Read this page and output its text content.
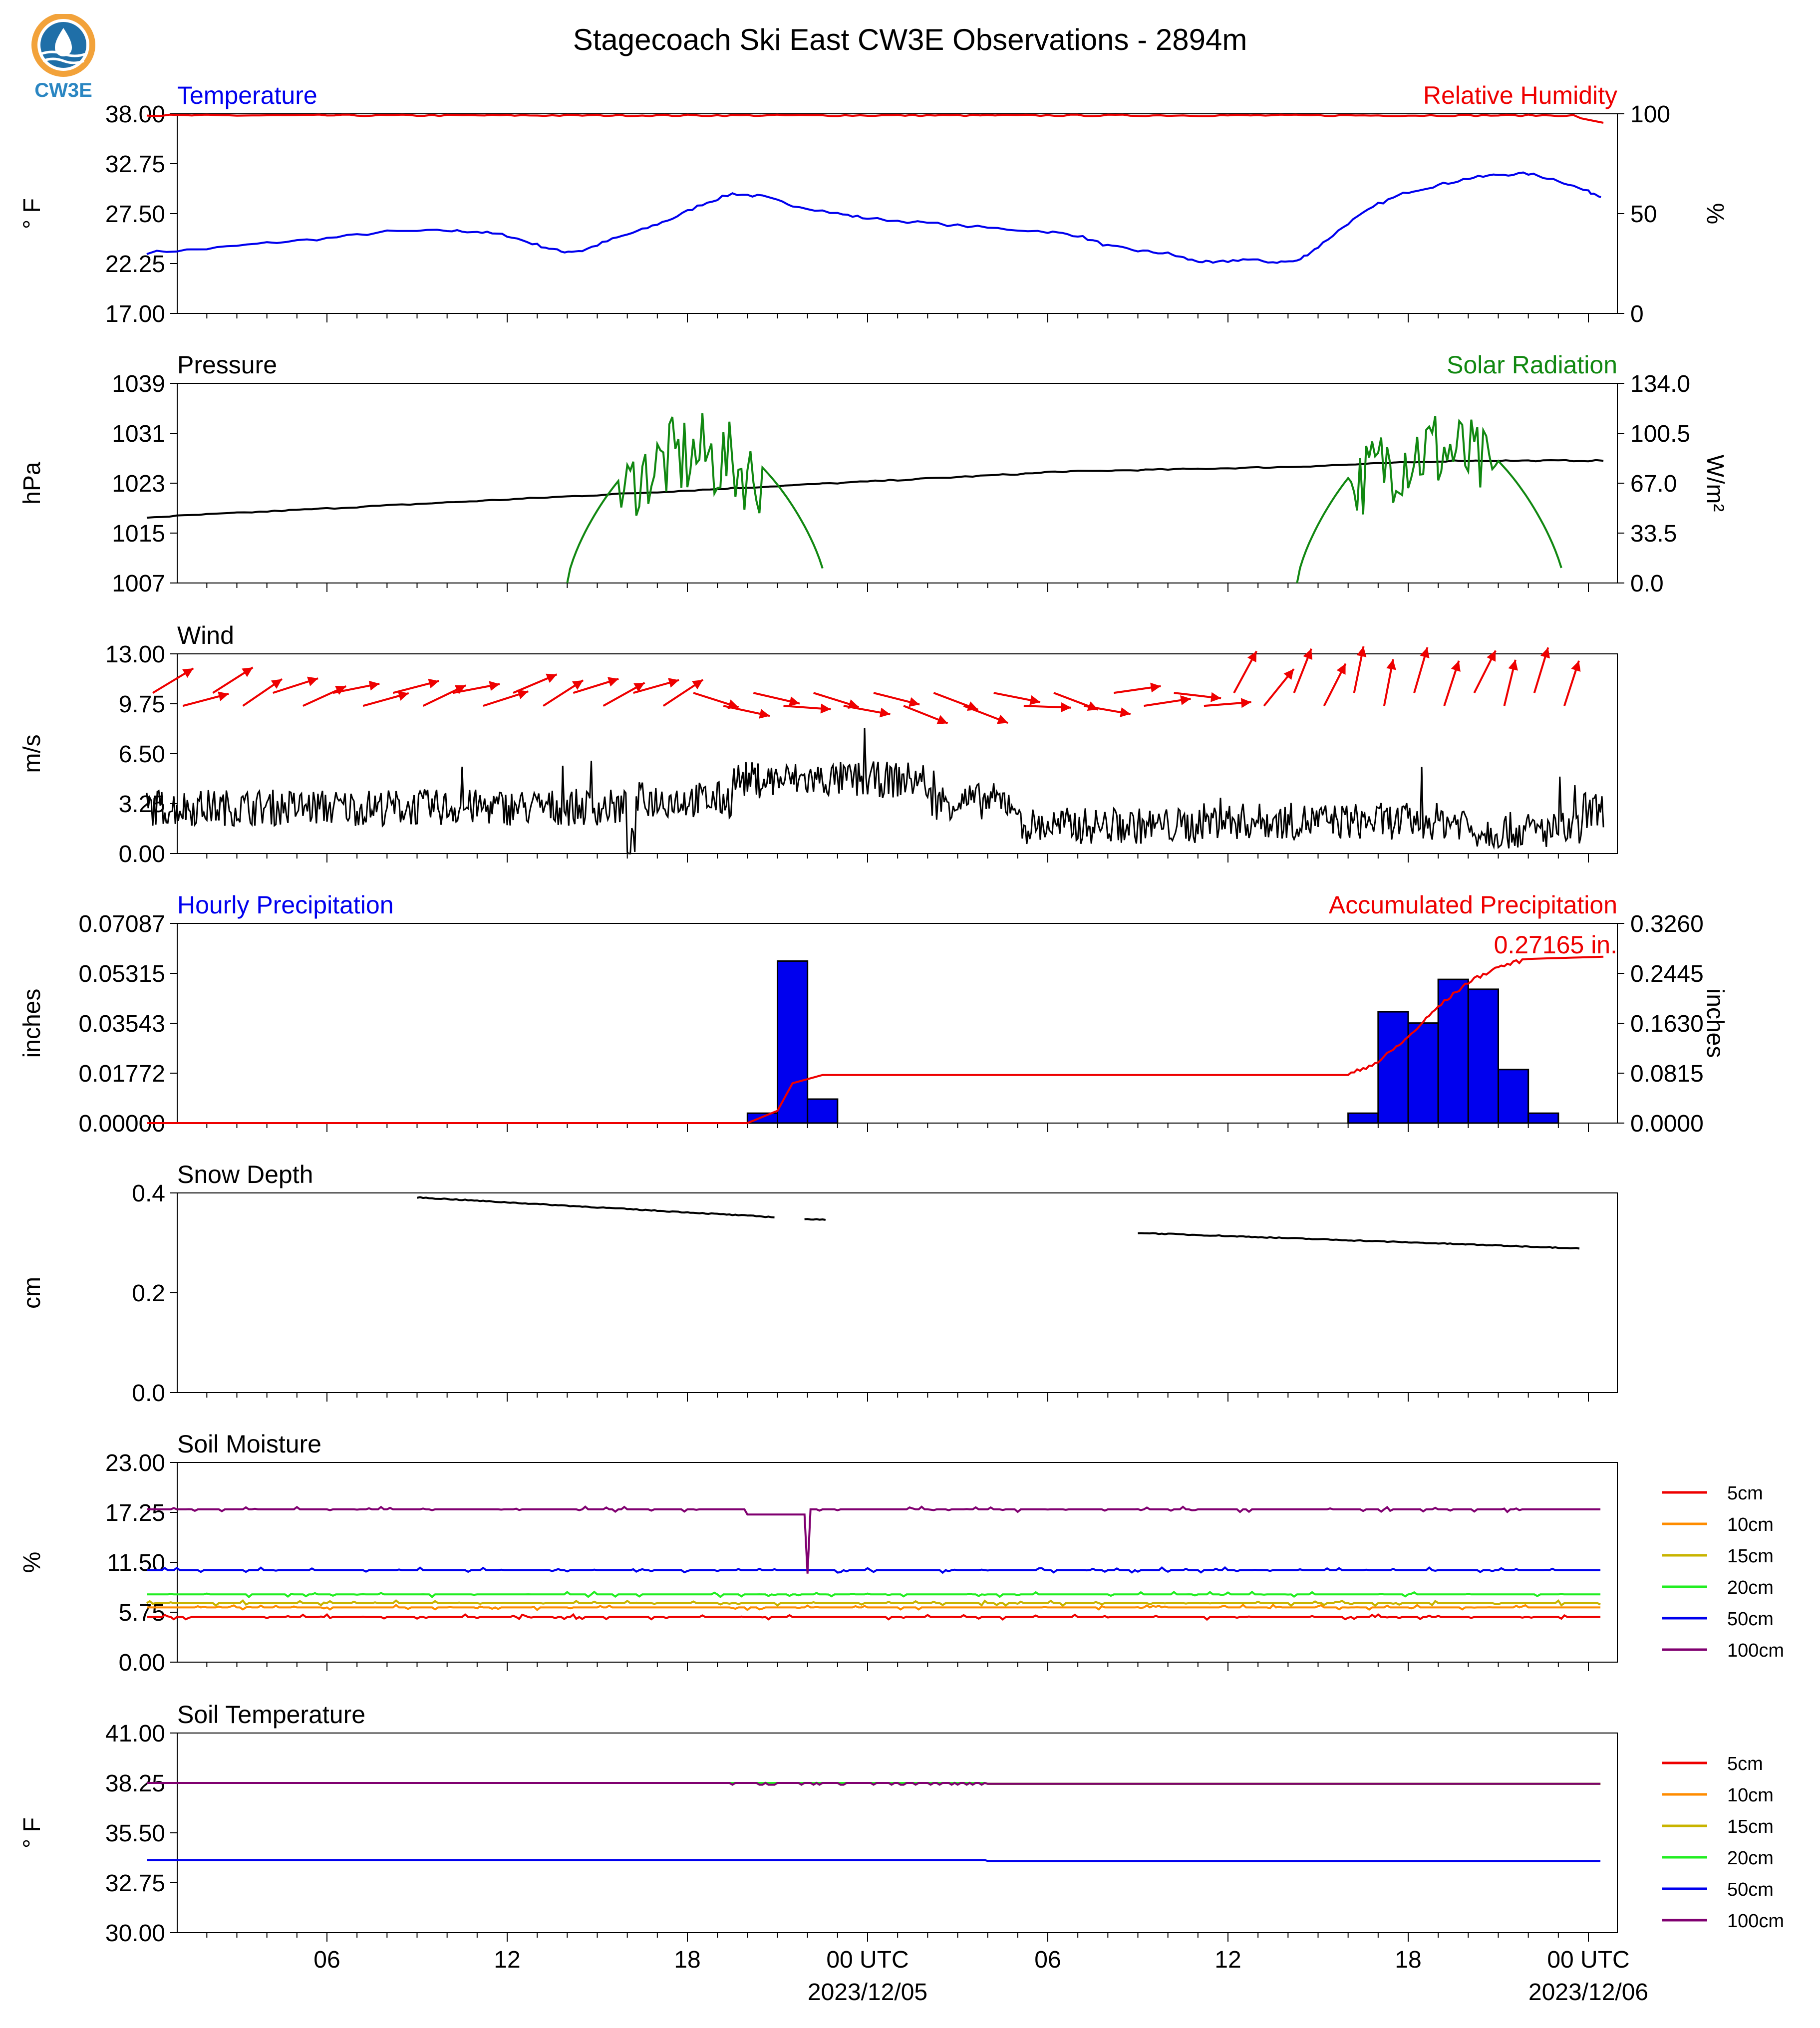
Stagecoach Ski East CW3E Observations - 2894m
Temperature	Relative Humidity
38.00
32.75
27.50
22.25
17.00
100
50
0
° F	%
Pressure	Solar Radiation
1039
1031
1023
1015
1007
134.0
100.5
67.0
33.5
0.0
hPa	W/m²
Wind
13.00
9.75
6.50
3.25
0.00
m/s
Hourly Precipitation	Accumulated Precipitation
0.07087
0.05315
0.03543
0.01772
0.00000
0.3260
0.2445
0.1630
0.0815
0.0000
inches	inches
0.27165 in.
Snow Depth
0.4
0.2
0.0
cm
Soil Moisture
23.00
17.25
11.50
5.75
0.00
%
Soil Temperature
41.00
38.25
35.50
32.75
30.00
° F
06	12	18	00 UTC	06	12	18	00 UTC
2023/12/05	2023/12/06
5cm
10cm
15cm
20cm
50cm
100cm
5cm
10cm
15cm
20cm
50cm
100cm
CW3E
